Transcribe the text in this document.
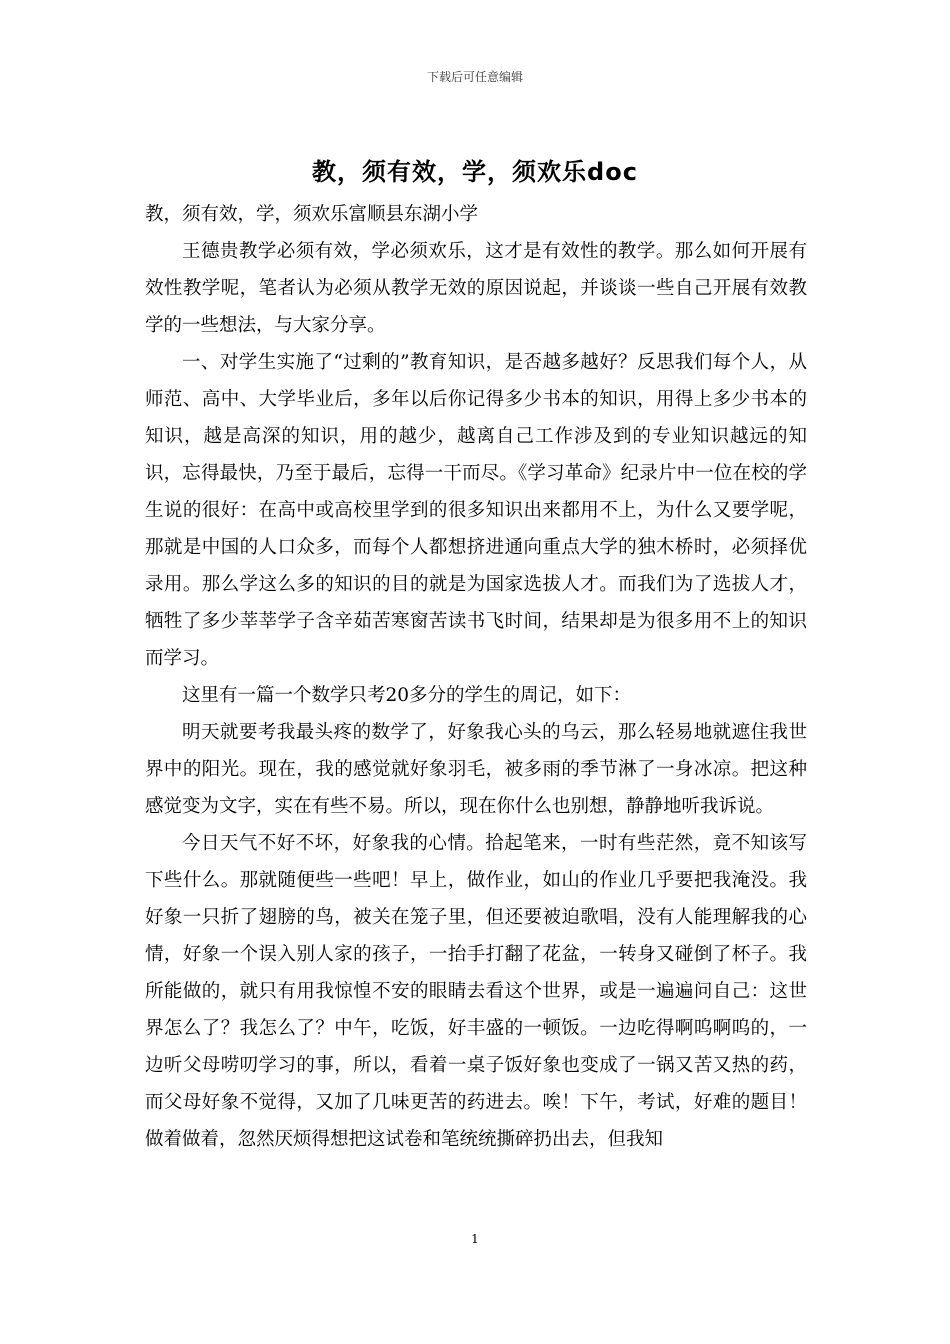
下载后可任意编辑
教，须有效，学，须欢乐doc

教，须有效，学，须欢乐富顺县东湖小学

王德贵教学必须有效，学必须欢乐，这才是有效性的教学。那么如何开展有效性教学呢，笔者认为必须从教学无效的原因说起，并谈谈一些自己开展有效教学的一些想法，与大家分享。

一、对学生实施了“过剩的”教育知识，是否越多越好？反思我们每个人，从师范、高中、大学毕业后，多年以后你记得多少书本的知识，用得上多少书本的知识，越是高深的知识，用的越少，越离自己工作涉及到的专业知识越远的知识，忘得最快，乃至于最后，忘得一干而尽。《学习革命》纪录片中一位在校的学生说的很好：在高中或高校里学到的很多知识出来都用不上，为什么又要学呢，那就是中国的人口众多，而每个人都想挤进通向重点大学的独木桥时，必须择优录用。那么学这么多的知识的目的就是为国家选拔人才。而我们为了选拔人才，牺牲了多少莘莘学子含辛茹苦寒窗苦读书飞时间，结果却是为很多用不上的知识而学习。

这里有一篇一个数学只考20多分的学生的周记，如下：

明天就要考我最头疼的数学了，好象我心头的乌云，那么轻易地就遮住我世界中的阳光。现在，我的感觉就好象羽毛，被多雨的季节淋了一身冰凉。把这种感觉变为文字，实在有些不易。所以，现在你什么也别想，静静地听我诉说。

今日天气不好不坏，好象我的心情。拾起笔来，一时有些茫然，竟不知该写下些什么。那就随便些一些吧！早上，做作业，如山的作业几乎要把我淹没。我好象一只折了翅膀的鸟，被关在笼子里，但还要被迫歌唱，没有人能理解我的心情，好象一个误入别人家的孩子，一抬手打翻了花盆，一转身又碰倒了杯子。我所能做的，就只有用我惊惶不安的眼睛去看这个世界，或是一遍遍问自己：这世界怎么了？我怎么了？中午，吃饭，好丰盛的一顿饭。一边吃得啊呜啊呜的，一边听父母唠叨学习的事，所以，看着一桌子饭好象也变成了一锅又苦又热的药，而父母好象不觉得，又加了几味更苦的药进去。唉！下午，考试，好难的题目！做着做着，忽然厌烦得想把这试卷和笔统统撕碎扔出去，但我知

1
